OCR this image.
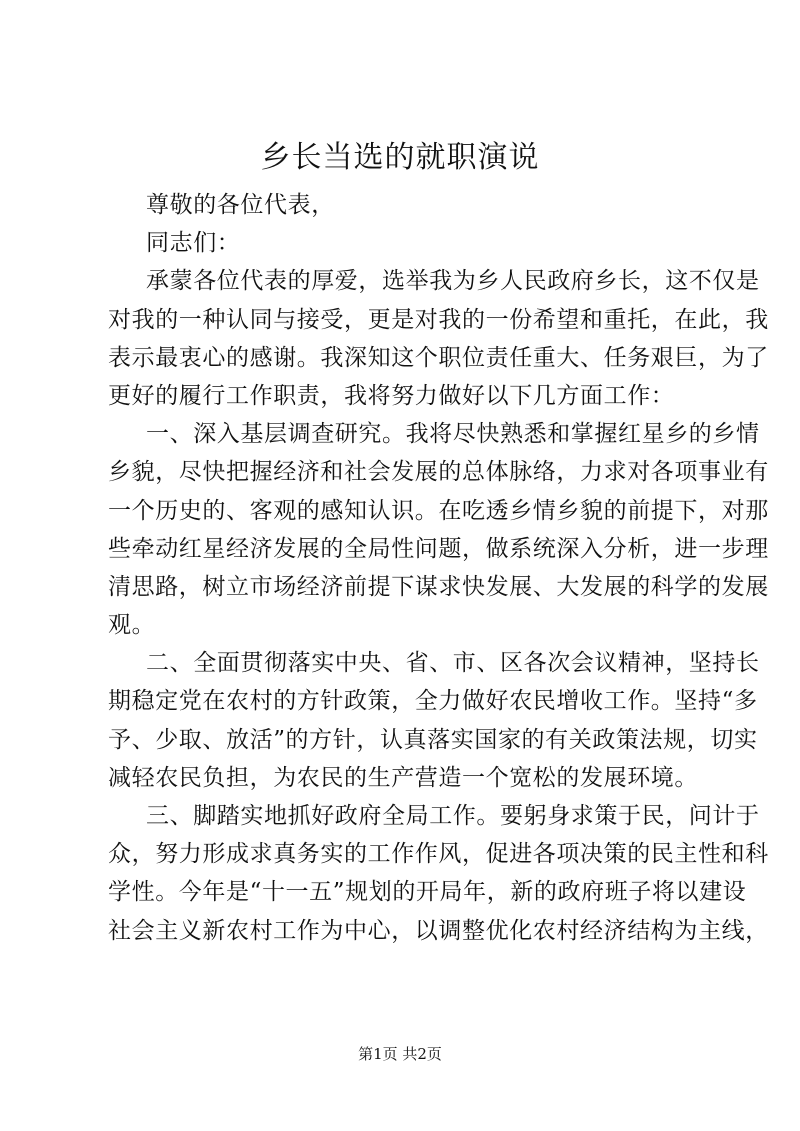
乡长当选的就职演说
尊敬的各位代表，
同志们：
承蒙各位代表的厚爱，选举我为乡人民政府乡长，这不仅是
对我的一种认同与接受，更是对我的一份希望和重托，在此，我
表示最衷心的感谢。我深知这个职位责任重大、任务艰巨，为了
更好的履行工作职责，我将努力做好以下几方面工作：
一、深入基层调查研究。我将尽快熟悉和掌握红星乡的乡情
乡貌，尽快把握经济和社会发展的总体脉络，力求对各项事业有
一个历史的、客观的感知认识。在吃透乡情乡貌的前提下，对那
些牵动红星经济发展的全局性问题，做系统深入分析，进一步理
清思路，树立市场经济前提下谋求快发展、大发展的科学的发展
观。
二、全面贯彻落实中央、省、市、区各次会议精神，坚持长
期稳定党在农村的方针政策，全力做好农民增收工作。坚持“多
予、少取、放活”的方针，认真落实国家的有关政策法规，切实
减轻农民负担，为农民的生产营造一个宽松的发展环境。
三、脚踏实地抓好政府全局工作。要躬身求策于民，问计于
众，努力形成求真务实的工作作风，促进各项决策的民主性和科
学性。今年是“十一五”规划的开局年，新的政府班子将以建设
社会主义新农村工作为中心，以调整优化农村经济结构为主线，
第1页 共2页
